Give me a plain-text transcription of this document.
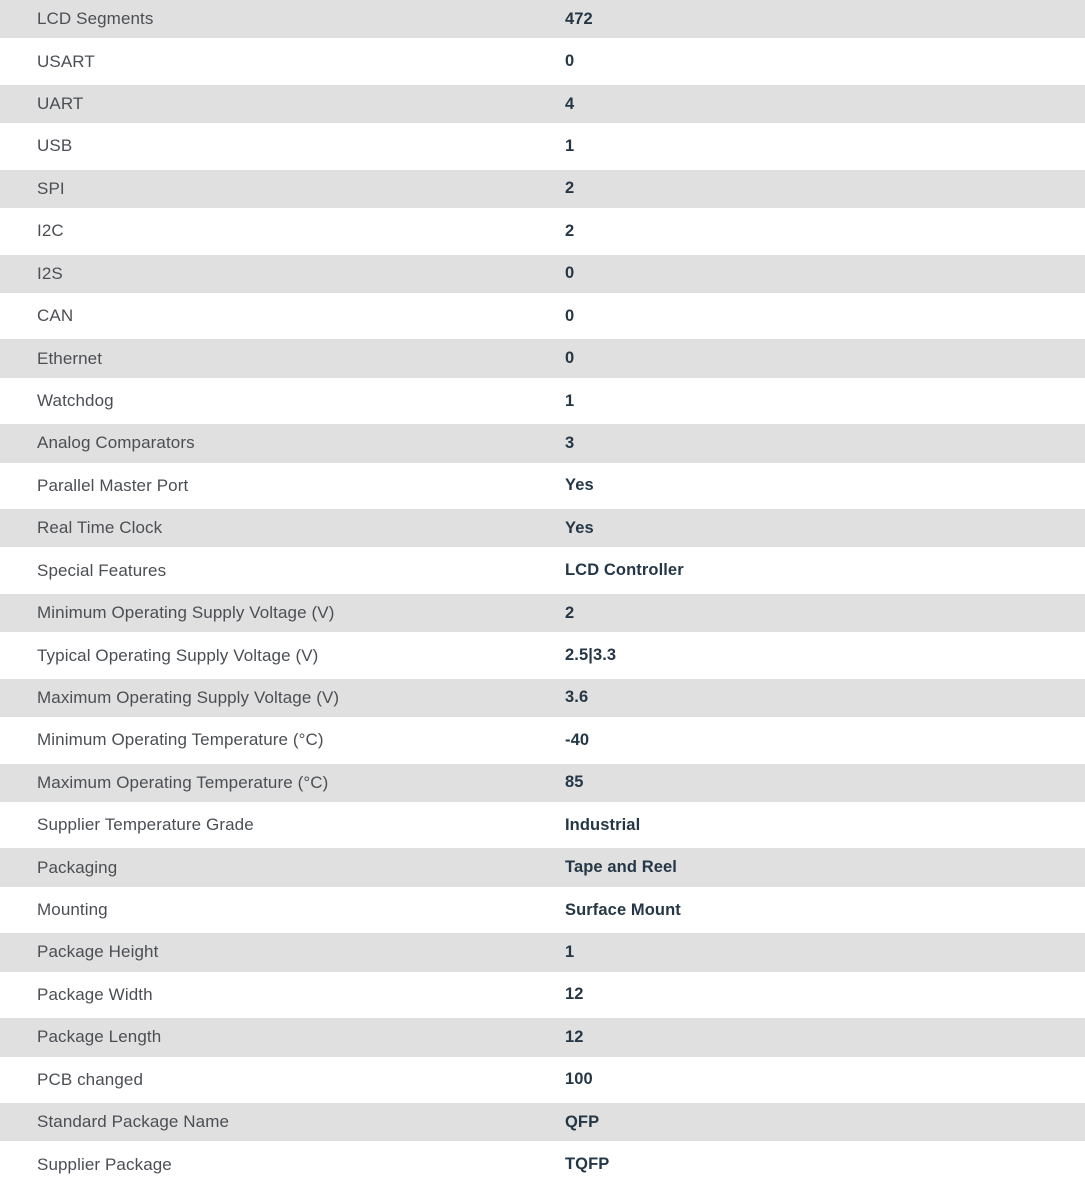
LCD Segments	472
USART	0
UART	4
USB	1
SPI	2
I2C	2
I2S	0
CAN	0
Ethernet	0
Watchdog	1
Analog Comparators	3
Parallel Master Port	Yes
Real Time Clock	Yes
Special Features	LCD Controller
Minimum Operating Supply Voltage (V)	2
Typical Operating Supply Voltage (V)	2.5|3.3
Maximum Operating Supply Voltage (V)	3.6
Minimum Operating Temperature (°C)	-40
Maximum Operating Temperature (°C)	85
Supplier Temperature Grade	Industrial
Packaging	Tape and Reel
Mounting	Surface Mount
Package Height	1
Package Width	12
Package Length	12
PCB changed	100
Standard Package Name	QFP
Supplier Package	TQFP
